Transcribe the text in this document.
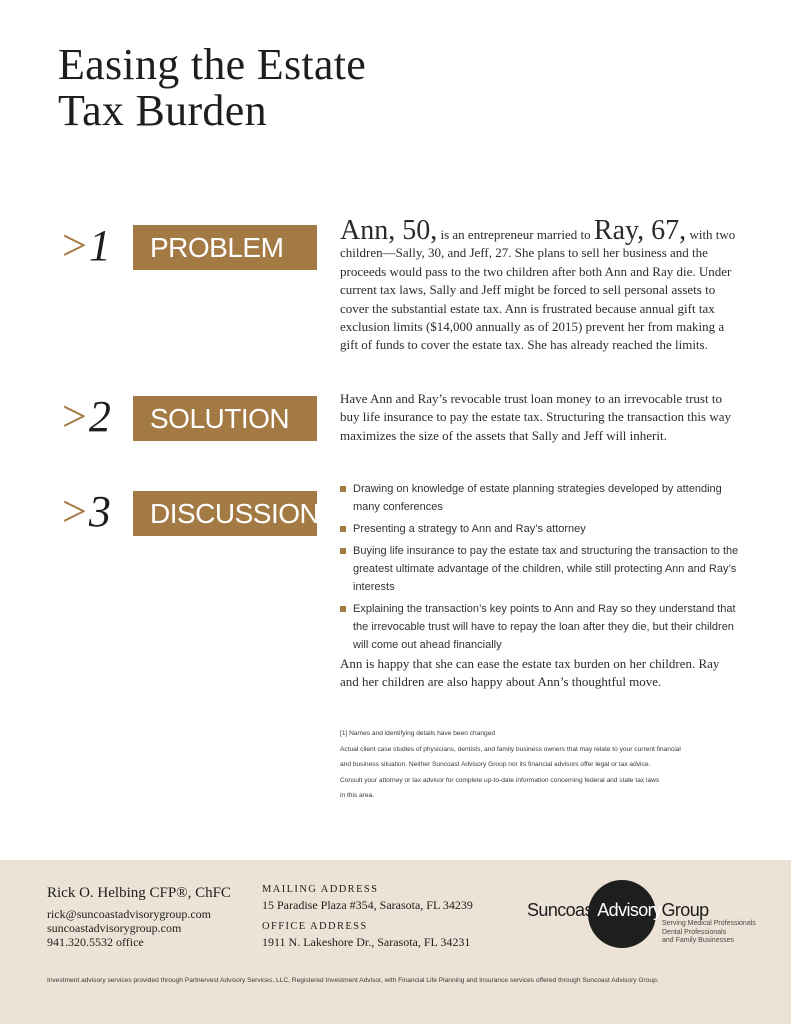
Easing the Estate
Tax Burden
>1	PROBLEM
Ann, 50, is an entrepreneur married to Ray, 67, with two children—Sally, 30, and Jeff, 27. She plans to sell her business and the proceeds would pass to the two children after both Ann and Ray die. Under current tax laws, Sally and Jeff might be forced to sell personal assets to cover the substantial estate tax. Ann is frustrated because annual gift tax exclusion limits ($14,000 annually as of 2015) prevent her from making a gift of funds to cover the estate tax. She has already reached the limits.
>2	SOLUTION
Have Ann and Ray’s revocable trust loan money to an irrevocable trust to buy life insurance to pay the estate tax. Structuring the transaction this way maximizes the size of the assets that Sally and Jeff will inherit.
>3	DISCUSSION
Drawing on knowledge of estate planning strategies developed by attending many conferences
Presenting a strategy to Ann and Ray’s attorney
Buying life insurance to pay the estate tax and structuring the transaction to the greatest ultimate advantage of the children, while still protecting Ann and Ray’s interests
Explaining the transaction’s key points to Ann and Ray so they understand that the irrevocable trust will have to repay the loan after they die, but their children will come out ahead financially
Ann is happy that she can ease the estate tax burden on her children. Ray and her children are also happy about Ann’s thoughtful move.
[1] Names and identifying details have been changed
Actual client case studies of physicians, dentists, and family business owners that may relate to your current financial
and business situation. Neither Suncoast Advisory Group nor its financial advisors offer legal or tax advice.
Consult your attorney or tax advisor for complete up-to-date information concerning federal and state tax laws
in this area.
Rick O. Helbing CFP®, ChFC
rick@suncoastadvisorygroup.com
suncoastadvisorygroup.com
941.320.5532 office
MAILING ADDRESS
15 Paradise Plaza #354, Sarasota, FL 34239
OFFICE ADDRESS
1911 N. Lakeshore Dr., Sarasota, FL 34231
SuncoastAdvisoryGroup
Serving Medical Professionals
Dental Professionals
and Family Businesses
Investment advisory services provided through Partnervest Advisory Services, LLC, Registered Investment Advisor, with Financial Life Planning and Insurance services offered through Suncoast Advisory Group.
